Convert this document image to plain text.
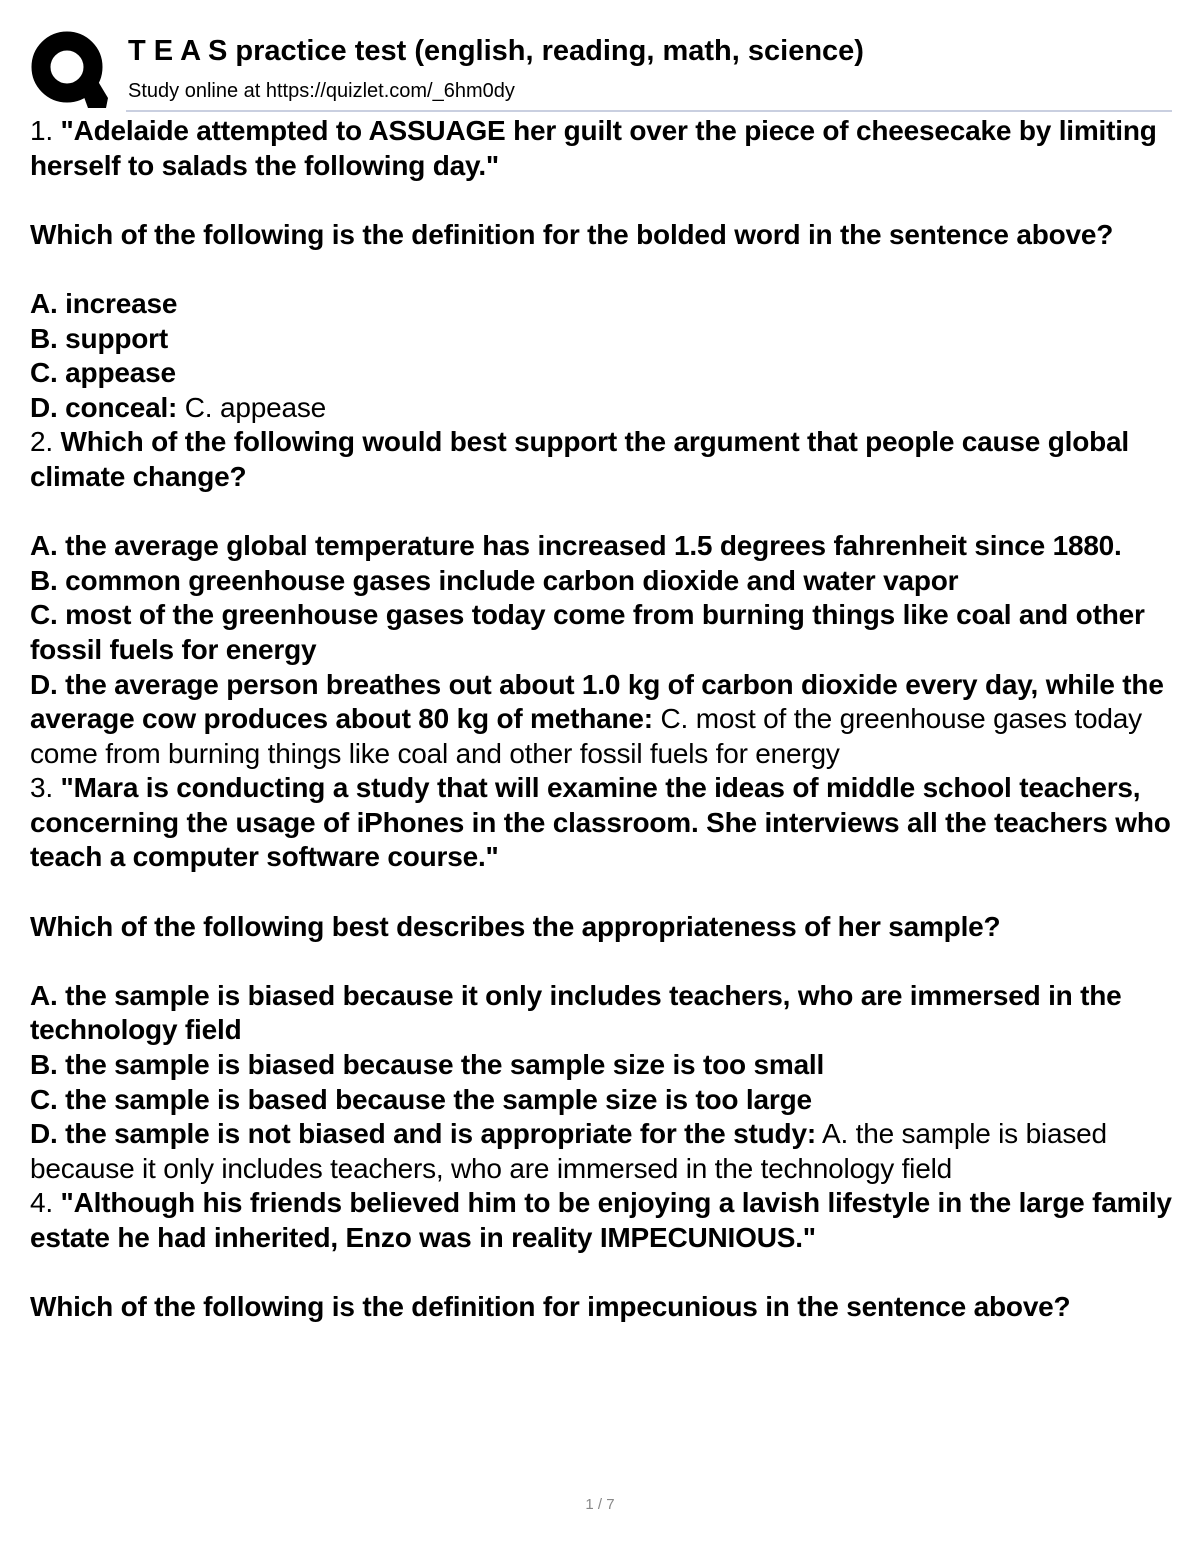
T E A S practice test (english, reading, math, science)
Study online at https://quizlet.com/_6hm0dy

1. "Adelaide attempted to ASSUAGE her guilt over the piece of cheesecake by limiting herself to salads the following day."

Which of the following is the definition for the bolded word in the sentence above?

A. increase

B. support

C. appease

D. conceal: C. appease

2. Which of the following would best support the argument that people cause global climate change?

A. the average global temperature has increased 1.5 degrees fahrenheit since 1880.

B. common greenhouse gases include carbon dioxide and water vapor

C. most of the greenhouse gases today come from burning things like coal and other fossil fuels for energy

D. the average person breathes out about 1.0 kg of carbon dioxide every day, while the average cow produces about 80 kg of methane: C. most of the greenhouse gases today come from burning things like coal and other fossil fuels for energy

3. "Mara is conducting a study that will examine the ideas of middle school teachers, concerning the usage of iPhones in the classroom. She interviews all the teachers who teach a computer software course."

Which of the following best describes the appropriateness of her sample?

A. the sample is biased because it only includes teachers, who are immersed in the technology field

B. the sample is biased because the sample size is too small

C. the sample is based because the sample size is too large

D. the sample is not biased and is appropriate for the study: A. the sample is biased because it only includes teachers, who are immersed in the technology field

4. "Although his friends believed him to be enjoying a lavish lifestyle in the large family estate he had inherited, Enzo was in reality IMPECUNIOUS."

Which of the following is the definition for impecunious in the sentence above?

1 / 7
